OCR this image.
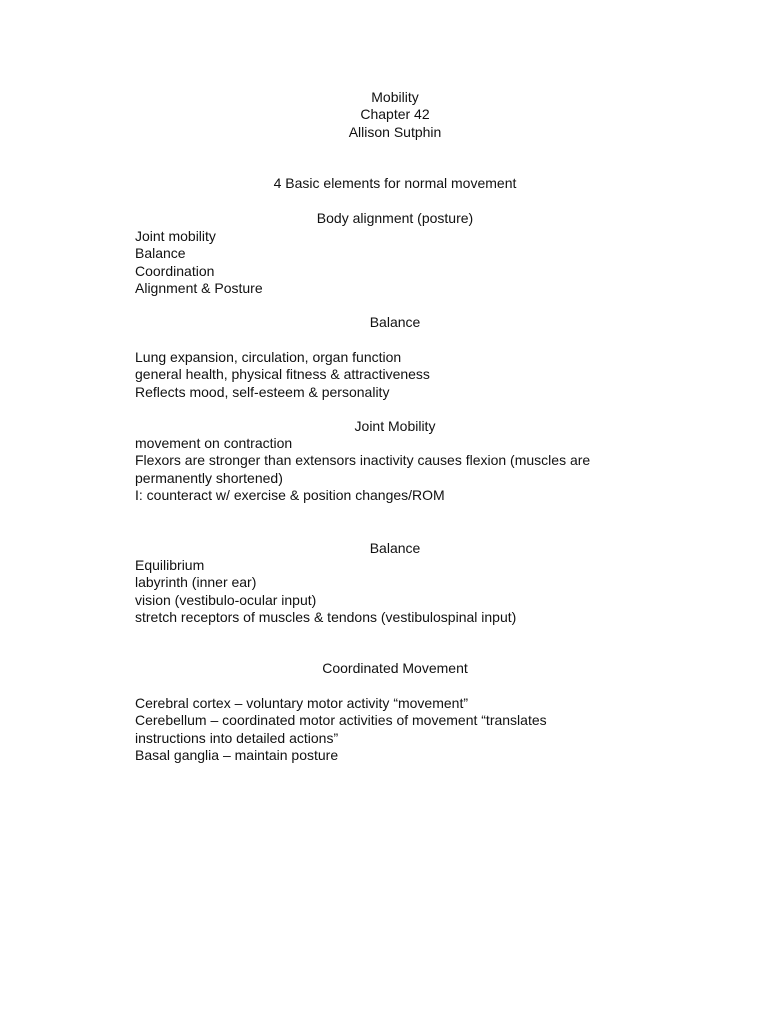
Mobility
Chapter 42
Allison Sutphin
4 Basic elements for normal movement
Body alignment (posture)
Joint mobility
Balance
Coordination
Alignment & Posture
Balance
Lung expansion, circulation, organ function
general health, physical fitness & attractiveness
Reflects mood, self-esteem & personality
Joint Mobility
movement on contraction
Flexors are stronger than extensors inactivity causes flexion (muscles are
permanently shortened)
I: counteract w/ exercise & position changes/ROM
Balance
Equilibrium
labyrinth (inner ear)
vision (vestibulo-ocular input)
stretch receptors of muscles & tendons (vestibulospinal input)
Coordinated Movement
Cerebral cortex – voluntary motor activity “movement”
Cerebellum – coordinated motor activities of movement “translates
instructions into detailed actions”
Basal ganglia – maintain posture
